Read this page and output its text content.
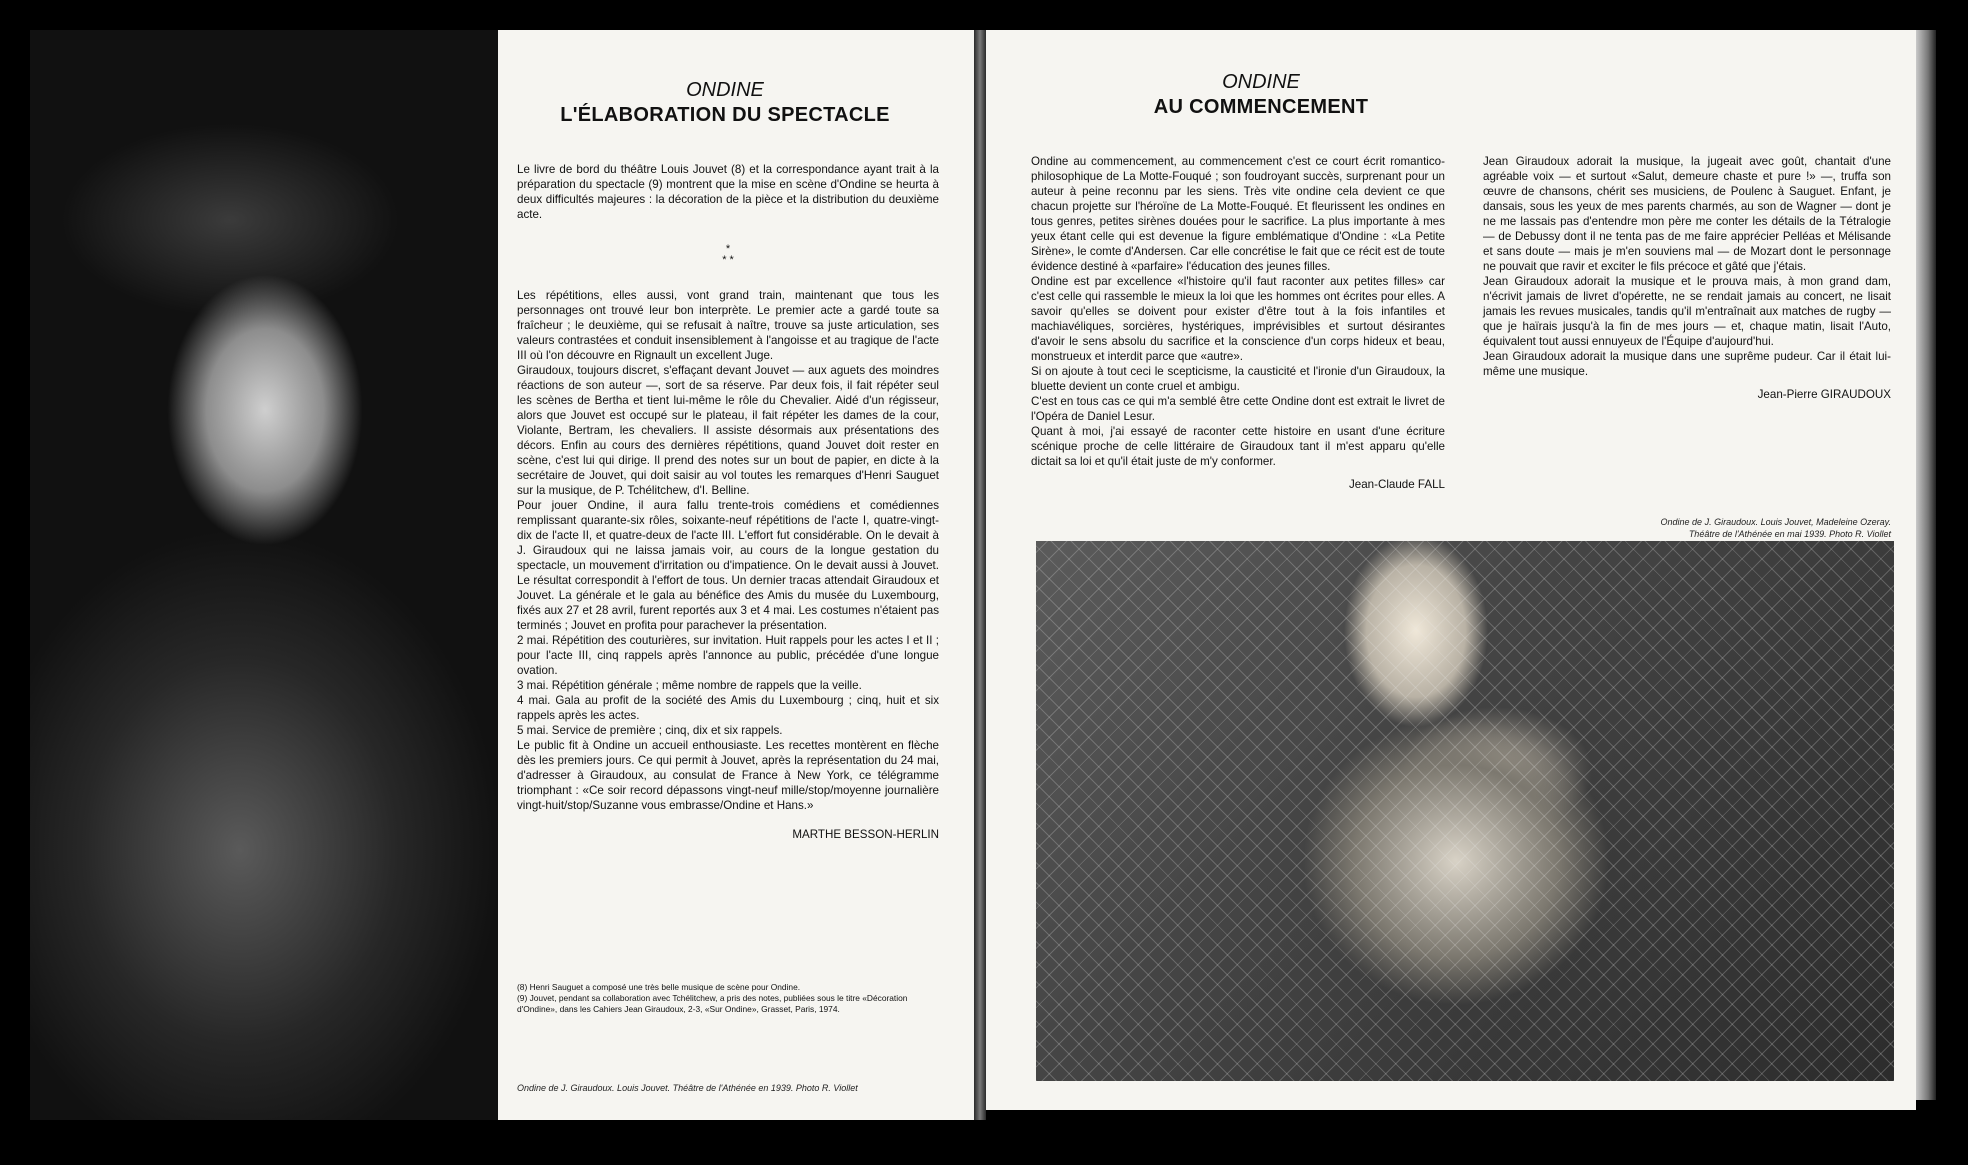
ONDINE
L'ÉLABORATION DU SPECTACLE

Le livre de bord du théâtre Louis Jouvet (8) et la correspondance ayant trait à la préparation du spectacle (9) montrent que la mise en scène d'Ondine se heurta à deux difficultés majeures : la décoration de la pièce et la distribution du deuxième acte.

*
* *

Les répétitions, elles aussi, vont grand train, maintenant que tous les personnages ont trouvé leur bon interprète. Le premier acte a gardé toute sa fraîcheur ; le deuxième, qui se refusait à naître, trouve sa juste articulation, ses valeurs contrastées et conduit insensiblement à l'angoisse et au tragique de l'acte III où l'on découvre en Rignault un excellent Juge.

Giraudoux, toujours discret, s'effaçant devant Jouvet — aux aguets des moindres réactions de son auteur —, sort de sa réserve. Par deux fois, il fait répéter seul les scènes de Bertha et tient lui-même le rôle du Chevalier. Aidé d'un régisseur, alors que Jouvet est occupé sur le plateau, il fait répéter les dames de la cour, Violante, Bertram, les chevaliers. Il assiste désormais aux présentations des décors. Enfin au cours des dernières répétitions, quand Jouvet doit rester en scène, c'est lui qui dirige. Il prend des notes sur un bout de papier, en dicte à la secrétaire de Jouvet, qui doit saisir au vol toutes les remarques d'Henri Sauguet sur la musique, de P. Tchélitchew, d'I. Belline.

Pour jouer Ondine, il aura fallu trente-trois comédiens et comédiennes remplissant quarante-six rôles, soixante-neuf répétitions de l'acte I, quatre-vingt-dix de l'acte II, et quatre-deux de l'acte III. L'effort fut considérable. On le devait à J. Giraudoux qui ne laissa jamais voir, au cours de la longue gestation du spectacle, un mouvement d'irritation ou d'impatience. On le devait aussi à Jouvet. Le résultat correspondit à l'effort de tous. Un dernier tracas attendait Giraudoux et Jouvet. La générale et le gala au bénéfice des Amis du musée du Luxembourg, fixés aux 27 et 28 avril, furent reportés aux 3 et 4 mai. Les costumes n'étaient pas terminés ; Jouvet en profita pour parachever la présentation.

2 mai. Répétition des couturières, sur invitation. Huit rappels pour les actes I et II ; pour l'acte III, cinq rappels après l'annonce au public, précédée d'une longue ovation.

3 mai. Répétition générale ; même nombre de rappels que la veille.

4 mai. Gala au profit de la société des Amis du Luxembourg ; cinq, huit et six rappels après les actes.

5 mai. Service de première ; cinq, dix et six rappels.

Le public fit à Ondine un accueil enthousiaste. Les recettes montèrent en flèche dès les premiers jours. Ce qui permit à Jouvet, après la représentation du 24 mai, d'adresser à Giraudoux, au consulat de France à New York, ce télégramme triomphant : «Ce soir record dépassons vingt-neuf mille/stop/moyenne journalière vingt-huit/stop/Suzanne vous embrasse/Ondine et Hans.»

MARTHE BESSON-HERLIN

(8) Henri Sauguet a composé une très belle musique de scène pour Ondine.

(9) Jouvet, pendant sa collaboration avec Tchélitchew, a pris des notes, publiées sous le titre «Décoration d'Ondine», dans les Cahiers Jean Giraudoux, 2-3, «Sur Ondine», Grasset, Paris, 1974.

Ondine de J. Giraudoux. Louis Jouvet. Théâtre de l'Athénée en 1939. Photo R. Viollet
ONDINE
AU COMMENCEMENT

Ondine au commencement, au commencement c'est ce court écrit romantico-philosophique de La Motte-Fouqué ; son foudroyant succès, surprenant pour un auteur à peine reconnu par les siens. Très vite ondine cela devient ce que chacun projette sur l'héroïne de La Motte-Fouqué. Et fleurissent les ondines en tous genres, petites sirènes douées pour le sacrifice. La plus importante à mes yeux étant celle qui est devenue la figure emblématique d'Ondine : «La Petite Sirène», le comte d'Andersen. Car elle concrétise le fait que ce récit est de toute évidence destiné à «parfaire» l'éducation des jeunes filles.

Ondine est par excellence «l'histoire qu'il faut raconter aux petites filles» car c'est celle qui rassemble le mieux la loi que les hommes ont écrites pour elles. A savoir qu'elles se doivent pour exister d'être tout à la fois infantiles et machiavéliques, sorcières, hystériques, imprévisibles et surtout désirantes d'avoir le sens absolu du sacrifice et la conscience d'un corps hideux et beau, monstrueux et interdit parce que «autre».

Si on ajoute à tout ceci le scepticisme, la causticité et l'ironie d'un Giraudoux, la bluette devient un conte cruel et ambigu.

C'est en tous cas ce qui m'a semblé être cette Ondine dont est extrait le livret de l'Opéra de Daniel Lesur.

Quant à moi, j'ai essayé de raconter cette histoire en usant d'une écriture scénique proche de celle littéraire de Giraudoux tant il m'est apparu qu'elle dictait sa loi et qu'il était juste de m'y conformer.

Jean-Claude FALL

Jean Giraudoux adorait la musique, la jugeait avec goût, chantait d'une agréable voix — et surtout «Salut, demeure chaste et pure !» —, truffa son œuvre de chansons, chérit ses musiciens, de Poulenc à Sauguet. Enfant, je dansais, sous les yeux de mes parents charmés, au son de Wagner — dont je ne me lassais pas d'entendre mon père me conter les détails de la Tétralogie — de Debussy dont il ne tenta pas de me faire apprécier Pelléas et Mélisande et sans doute — mais je m'en souviens mal — de Mozart dont le personnage ne pouvait que ravir et exciter le fils précoce et gâté que j'étais.

Jean Giraudoux adorait la musique et le prouva mais, à mon grand dam, n'écrivit jamais de livret d'opérette, ne se rendait jamais au concert, ne lisait jamais les revues musicales, tandis qu'il m'entraînait aux matches de rugby — que je haïrais jusqu'à la fin de mes jours — et, chaque matin, lisait l'Auto, équivalent tout aussi ennuyeux de l'Équipe d'aujourd'hui.

Jean Giraudoux adorait la musique dans une suprême pudeur. Car il était lui-même une musique.

Jean-Pierre GIRAUDOUX
Ondine de J. Giraudoux. Louis Jouvet, Madeleine Ozeray.
Théâtre de l'Athénée en mai 1939. Photo R. Viollet
